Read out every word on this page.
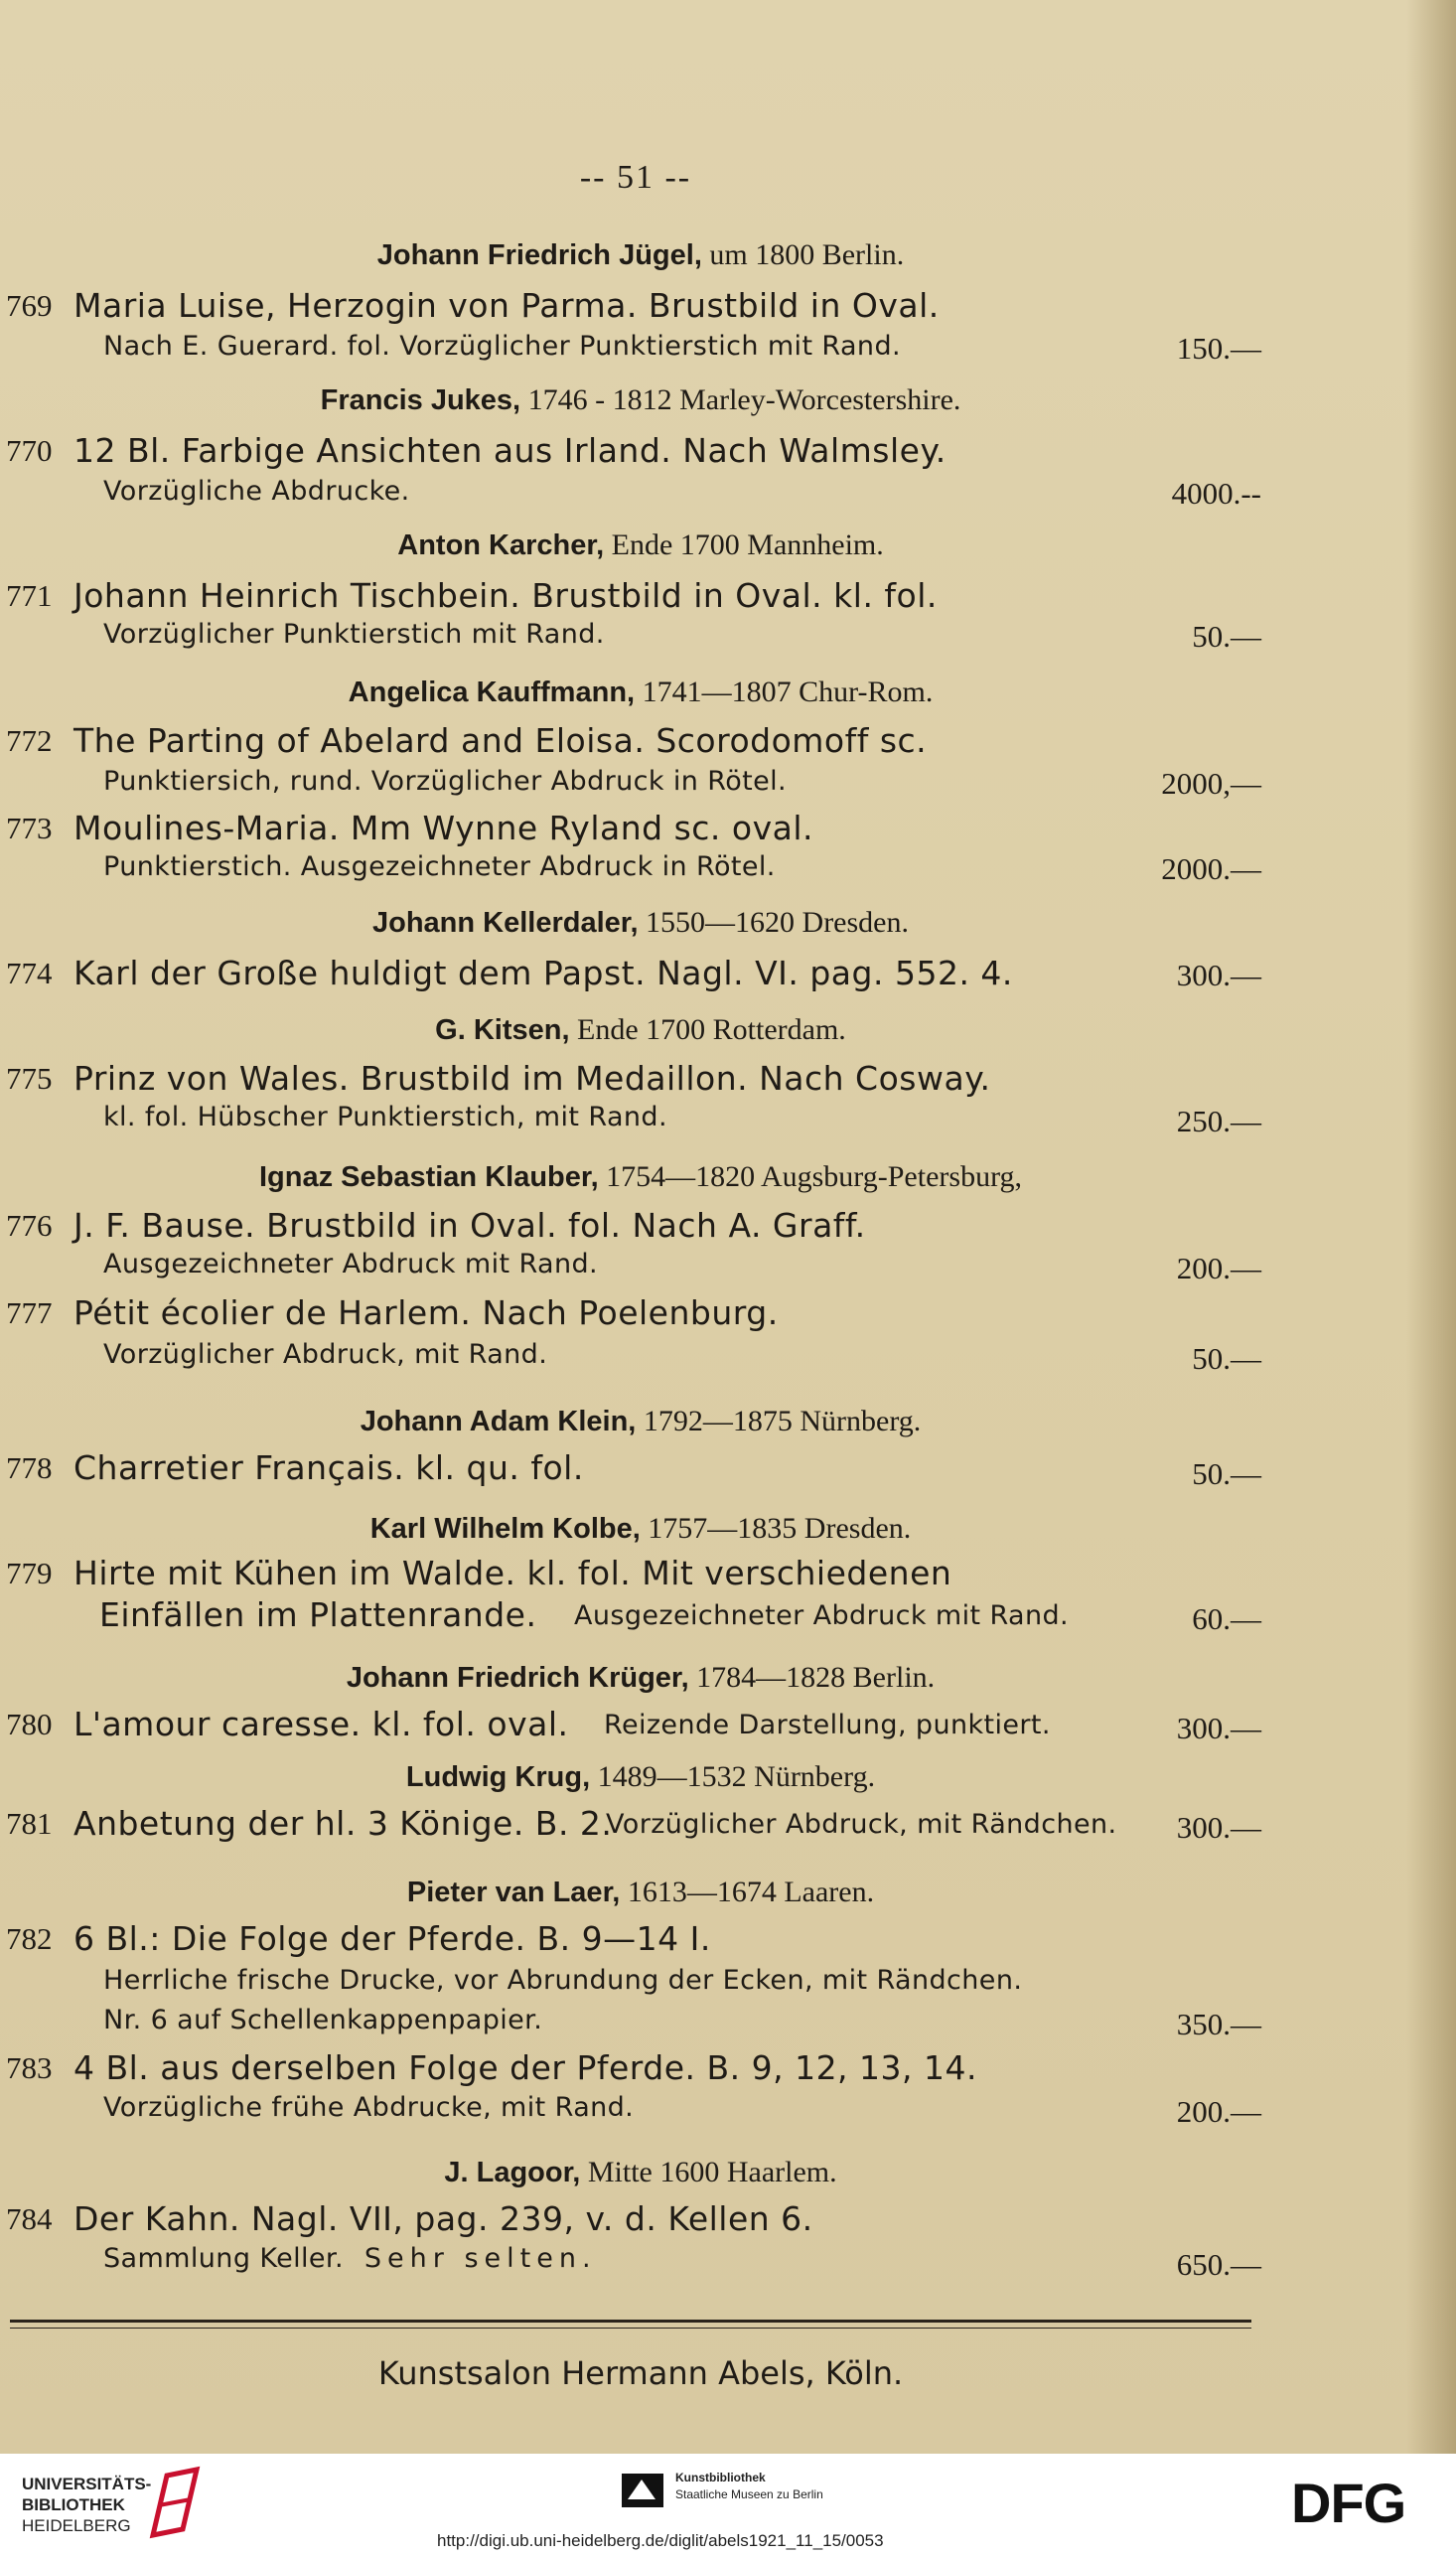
-- 51 --
Johann Friedrich Jügel, um 1800 Berlin.
769 Maria Luise, Herzogin von Parma. Brustbild in Oval.
Nach E. Guerard. fol. Vorzüglicher Punktierstich mit Rand.	150.—
Francis Jukes, 1746 - 1812 Marley-Worcestershire.
770 12 Bl. Farbige Ansichten aus Irland. Nach Walmsley.
Vorzügliche Abdrucke.	4000.--
Anton Karcher, Ende 1700 Mannheim.
771 Johann Heinrich Tischbein. Brustbild in Oval. kl. fol.
Vorzüglicher Punktierstich mit Rand.	50.—
Angelica Kauffmann, 1741—1807 Chur-Rom.
772 The Parting of Abelard and Eloisa. Scorodomoff sc.
Punktiersich, rund. Vorzüglicher Abdruck in Rötel.	2000,—
773 Moulines-Maria. Mm Wynne Ryland sc. oval.
Punktierstich. Ausgezeichneter Abdruck in Rötel.	2000.—
Johann Kellerdaler, 1550—1620 Dresden.
774 Karl der Große huldigt dem Papst. Nagl. VI. pag. 552. 4.	300.—
G. Kitsen, Ende 1700 Rotterdam.
775 Prinz von Wales. Brustbild im Medaillon. Nach Cosway.
kl. fol. Hübscher Punktierstich, mit Rand.	250.—
Ignaz Sebastian Klauber, 1754—1820 Augsburg-Petersburg,
776 J. F. Bause. Brustbild in Oval. fol. Nach A. Graff.
Ausgezeichneter Abdruck mit Rand.	200.—
777 Pétit écolier de Harlem. Nach Poelenburg.
Vorzüglicher Abdruck, mit Rand.	50.—
Johann Adam Klein, 1792—1875 Nürnberg.
778 Charretier Français. kl. qu. fol.	50.—
Karl Wilhelm Kolbe, 1757—1835 Dresden.
779 Hirte mit Kühen im Walde. kl. fol. Mit verschiedenen
Einfällen im Plattenrande. Ausgezeichneter Abdruck mit Rand.	60.—
Johann Friedrich Krüger, 1784—1828 Berlin.
780 L'amour caresse. kl. fol. oval. Reizende Darstellung, punktiert.	300.—
Ludwig Krug, 1489—1532 Nürnberg.
781 Anbetung der hl. 3 Könige. B. 2.
Vorzüglicher Abdruck, mit Rändchen. 300.—
Pieter van Laer, 1613—1674 Laaren.
782 6 Bl.: Die Folge der Pferde. B. 9—14 I.
Herrliche frische Drucke, vor Abrundung der Ecken, mit Rändchen.
Nr. 6 auf Schellenkappenpapier.	350.—
783 4 Bl. aus derselben Folge der Pferde. B. 9, 12, 13, 14.
Vorzügliche frühe Abdrucke, mit Rand.	200.—
J. Lagoor, Mitte 1600 Haarlem.
784 Der Kahn. Nagl. VII, pag. 239, v. d. Kellen 6.
Sammlung Keller. Sehr selten.	650.—
Kunstsalon Hermann Abels, Köln.
UNIVERSITÄTS-
BIBLIOTHEK
HEIDELBERG
Kunstbibliothek
Staatliche Museen zu Berlin
http://digi.ub.uni-heidelberg.de/diglit/abels1921_11_15/0053
DFG
